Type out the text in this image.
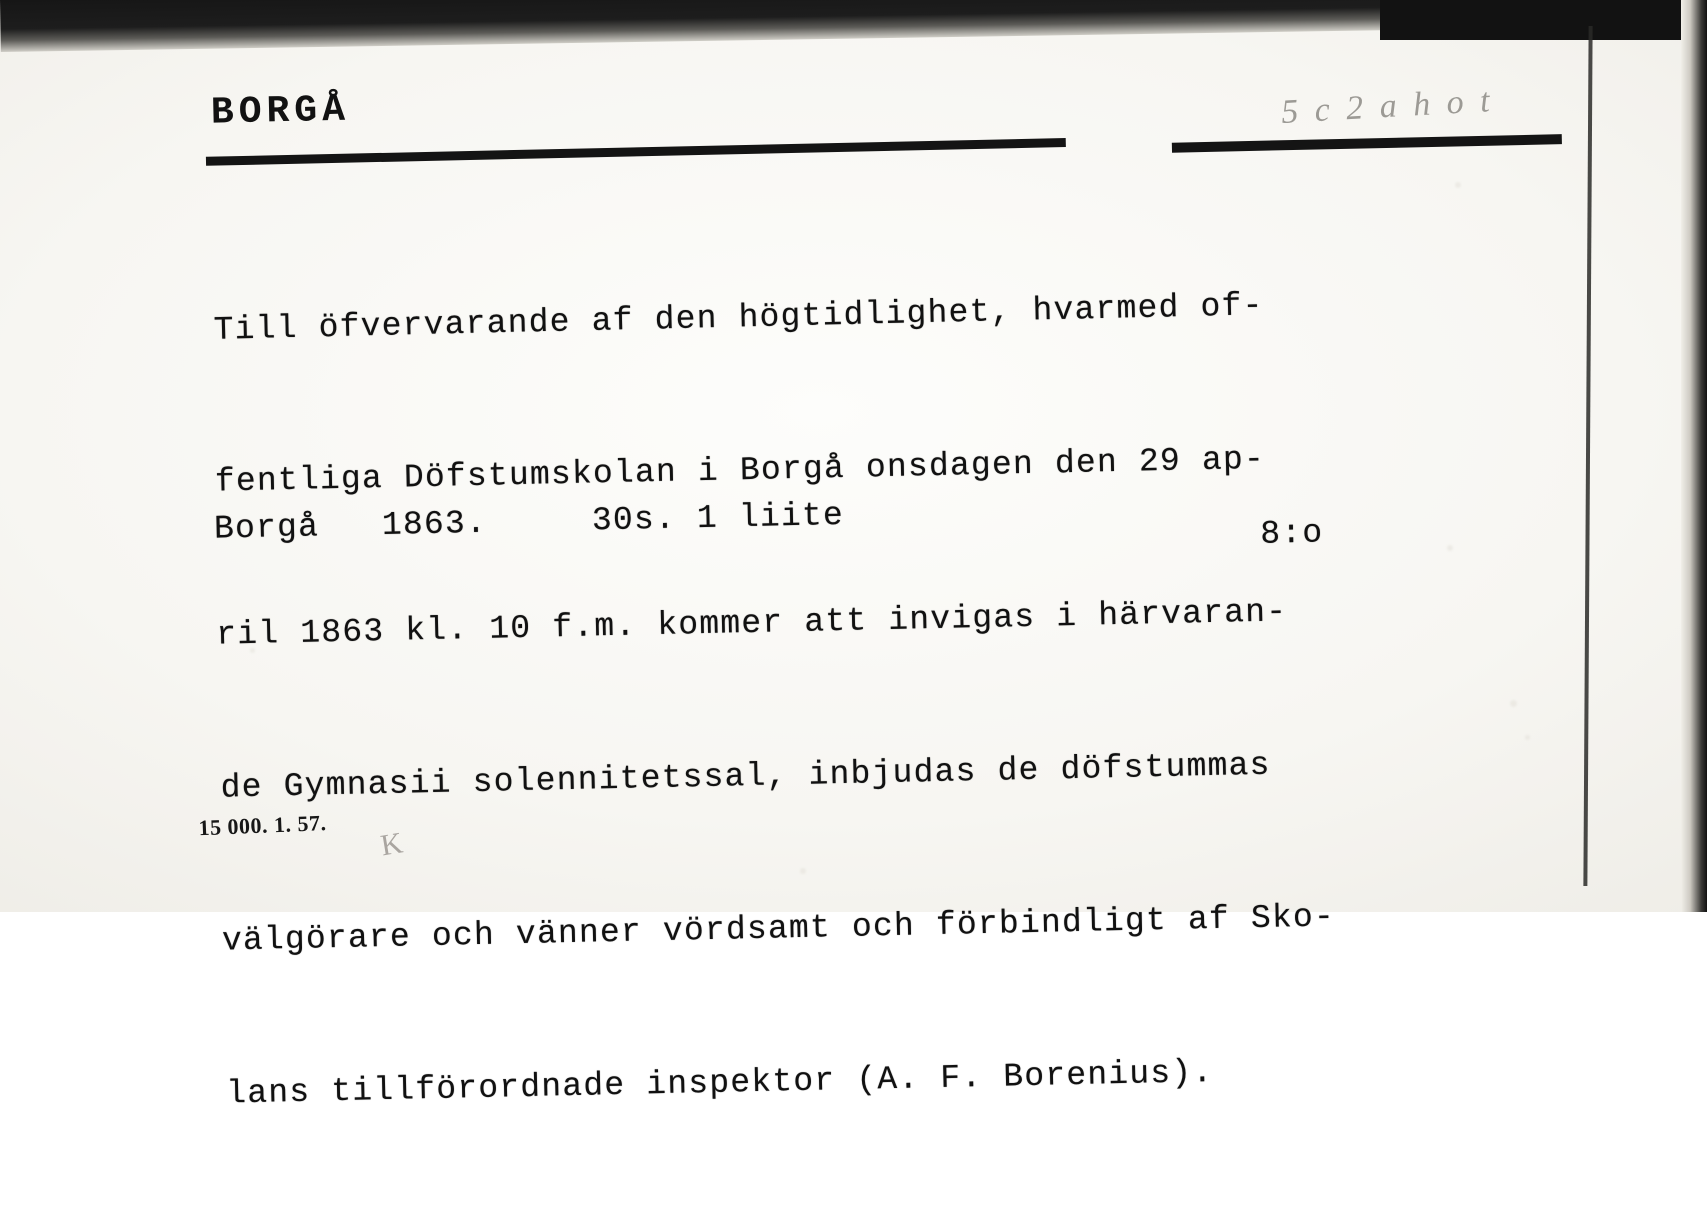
BORGÅ	5 c 2 a h o t

Till öfvervarande af den högtidlighet, hvarmed of-

fentliga Döfstumskolan i Borgå onsdagen den 29 ap-

ril 1863 kl. 10 f.m. kommer att invigas i härvaran-

de Gymnasii solennitetssal, inbjudas de döfstummas

välgörare och vänner vördsamt och förbindligt af Sko-

lans tillförordnade inspektor (A. F. Borenius).

Borgå   1863.     30s. 1 liite	8:o
15 000. 1. 57.
K
